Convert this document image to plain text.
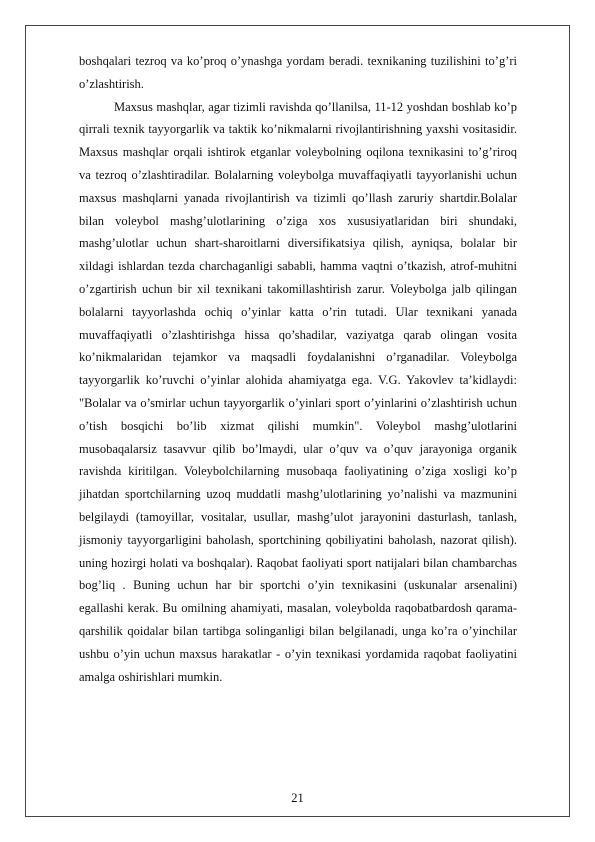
boshqalari tezroq va ko’proq o’ynashga yordam beradi. texnikaning tuzilishini to’g’ri o’zlashtirish.

Maxsus mashqlar, agar tizimli ravishda qo’llanilsa, 11-12 yoshdan boshlab ko’p qirrali texnik tayyorgarlik va taktik ko’nikmalarni rivojlantirishning yaxshi vositasidir. Maxsus mashqlar orqali ishtirok etganlar voleybolning oqilona texnikasini to’g’riroq va tezroq o’zlashtiradilar. Bolalarning voleybolga muvaffaqiyatli tayyorlanishi uchun maxsus mashqlarni yanada rivojlantirish va tizimli qo’llash zaruriy shartdir.Bolalar bilan voleybol mashg’ulotlarining o’ziga xos xususiyatlaridan biri shundaki, mashg’ulotlar uchun shart-sharoitlarni diversifikatsiya qilish, ayniqsa, bolalar bir xildagi ishlardan tezda charchaganligi sababli, hamma vaqtni o’tkazish, atrof-muhitni o’zgartirish uchun bir xil texnikani takomillashtirish zarur. Voleybolga jalb qilingan bolalarni tayyorlashda ochiq o’yinlar katta o’rin tutadi. Ular texnikani yanada muvaffaqiyatli o’zlashtirishga hissa qo’shadilar, vaziyatga qarab olingan vosita ko’nikmalaridan tejamkor va maqsadli foydalanishni o’rganadilar. Voleybolga tayyorgarlik ko’ruvchi o’yinlar alohida ahamiyatga ega. V.G. Yakovlev ta’kidlaydi: "Bolalar va o’smirlar uchun tayyorgarlik o’yinlari sport o’yinlarini o’zlashtirish uchun o’tish bosqichi bo’lib xizmat qilishi mumkin". Voleybol mashg’ulotlarini musobaqalarsiz tasavvur qilib bo’lmaydi, ular o’quv va o’quv jarayoniga organik ravishda kiritilgan. Voleybolchilarning musobaqa faoliyatining o’ziga xosligi ko’p jihatdan sportchilarning uzoq muddatli mashg’ulotlarining yo’nalishi va mazmunini belgilaydi (tamoyillar, vositalar, usullar, mashg’ulot jarayonini dasturlash, tanlash, jismoniy tayyorgarligini baholash, sportchining qobiliyatini baholash, nazorat qilish). uning hozirgi holati va boshqalar). Raqobat faoliyati sport natijalari bilan chambarchas bog’liq . Buning uchun har bir sportchi o’yin texnikasini (uskunalar arsenalini) egallashi kerak. Bu omilning ahamiyati, masalan, voleybolda raqobatbardosh qarama-qarshilik qoidalar bilan tartibga solinganligi bilan belgilanadi, unga ko’ra o’yinchilar ushbu o’yin uchun maxsus harakatlar - o’yin texnikasi yordamida raqobat faoliyatini amalga oshirishlari mumkin.

21
